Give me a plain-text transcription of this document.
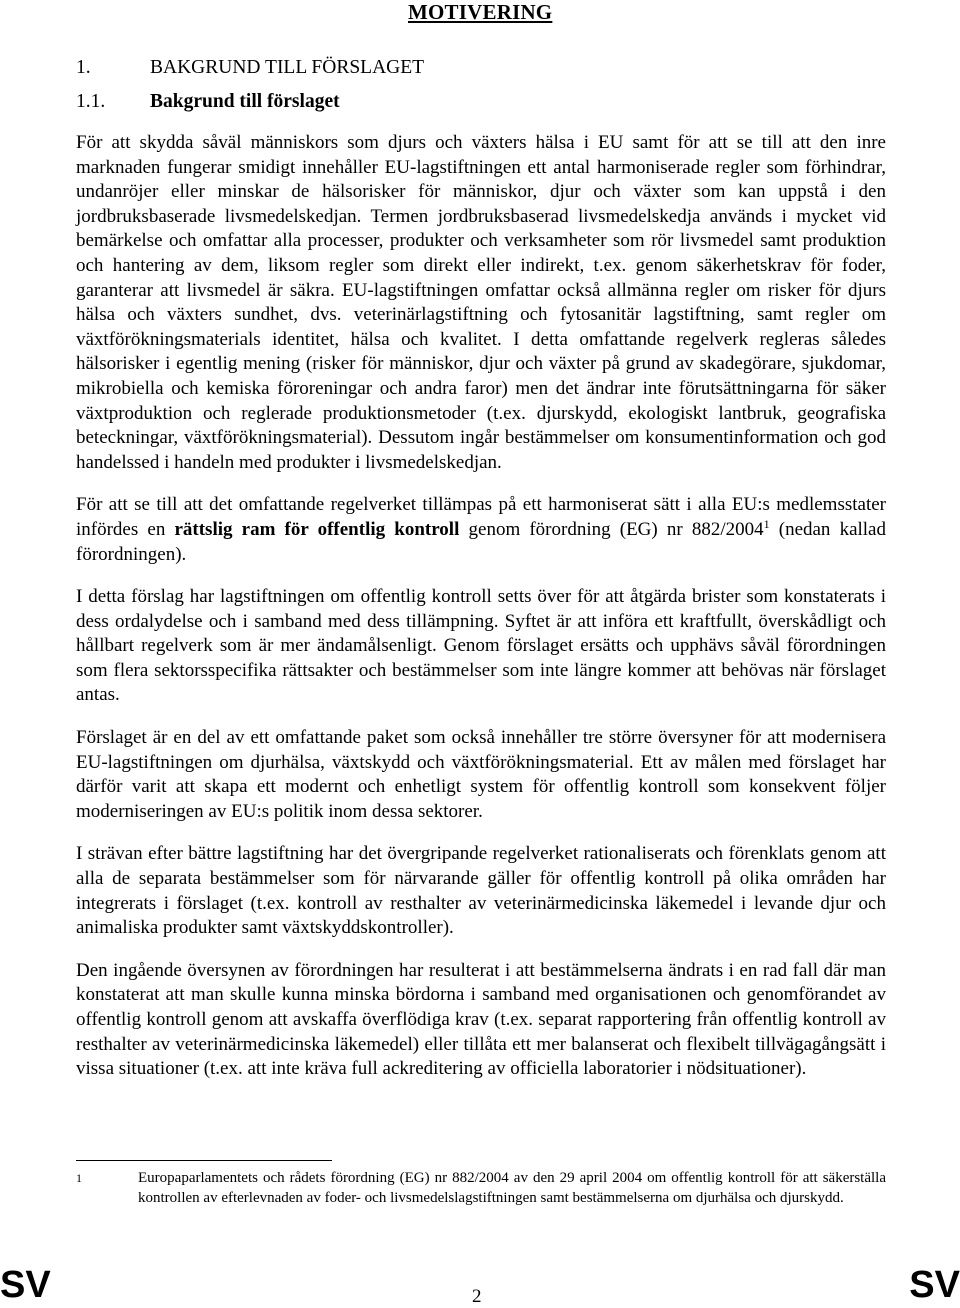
MOTIVERING
1.	BAKGRUND TILL FÖRSLAGET
1.1. Bakgrund till förslaget

För att skydda såväl människors som djurs och växters hälsa i EU samt för att se till att den inre marknaden fungerar smidigt innehåller EU-lagstiftningen ett antal harmoniserade regler som förhindrar, undanröjer eller minskar de hälsorisker för människor, djur och växter som kan uppstå i den jordbruksbaserade livsmedelskedjan. Termen jordbruksbaserad livsmedelskedja används i mycket vid bemärkelse och omfattar alla processer, produkter och verksamheter som rör livsmedel samt produktion och hantering av dem, liksom regler som direkt eller indirekt, t.ex. genom säkerhetskrav för foder, garanterar att livsmedel är säkra. EU-lagstiftningen omfattar också allmänna regler om risker för djurs hälsa och växters sundhet, dvs. veterinärlagstiftning och fytosanitär lagstiftning, samt regler om växtförökningsmaterials identitet, hälsa och kvalitet. I detta omfattande regelverk regleras således hälsorisker i egentlig mening (risker för människor, djur och växter på grund av skadegörare, sjukdomar, mikrobiella och kemiska föroreningar och andra faror) men det ändrar inte förutsättningarna för säker växtproduktion och reglerade produktionsmetoder (t.ex. djurskydd, ekologiskt lantbruk, geografiska beteckningar, växtförökningsmaterial). Dessutom ingår bestämmelser om konsumentinformation och god handelssed i handeln med produkter i livsmedelskedjan.

För att se till att det omfattande regelverket tillämpas på ett harmoniserat sätt i alla EU:s medlemsstater infördes en rättslig ram för offentlig kontroll genom förordning (EG) nr 882/2004$^1$ (nedan kallad förordningen).

I detta förslag har lagstiftningen om offentlig kontroll setts över för att åtgärda brister som konstaterats i dess ordalydelse och i samband med dess tillämpning. Syftet är att införa ett kraftfullt, överskådligt och hållbart regelverk som är mer ändamålsenligt. Genom förslaget ersätts och upphävs såväl förordningen som flera sektorsspecifika rättsakter och bestämmelser som inte längre kommer att behövas när förslaget antas.

Förslaget är en del av ett omfattande paket som också innehåller tre större översyner för att modernisera EU-lagstiftningen om djurhälsa, växtskydd och växtförökningsmaterial. Ett av målen med förslaget har därför varit att skapa ett modernt och enhetligt system för offentlig kontroll som konsekvent följer moderniseringen av EU:s politik inom dessa sektorer.

I strävan efter bättre lagstiftning har det övergripande regelverket rationaliserats och förenklats genom att alla de separata bestämmelser som för närvarande gäller för offentlig kontroll på olika områden har integrerats i förslaget (t.ex. kontroll av resthalter av veterinärmedicinska läkemedel i levande djur och animaliska produkter samt växtskyddskontroller).

Den ingående översynen av förordningen har resulterat i att bestämmelserna ändrats i en rad fall där man konstaterat att man skulle kunna minska bördorna i samband med organisationen och genomförandet av offentlig kontroll genom att avskaffa överflödiga krav (t.ex. separat rapportering från offentlig kontroll av resthalter av veterinärmedicinska läkemedel) eller tillåta ett mer balanserat och flexibelt tillvägagångsätt i vissa situationer (t.ex. att inte kräva full ackreditering av officiella laboratorier i nödsituationer).

1	Europaparlamentets och rådets förordning (EG) nr 882/2004 av den 29 april 2004 om offentlig kontroll för att säkerställa kontrollen av efterlevnaden av foder- och livsmedelslagstiftningen samt bestämmelserna om djurhälsa och djurskydd.
SV	2	SV
